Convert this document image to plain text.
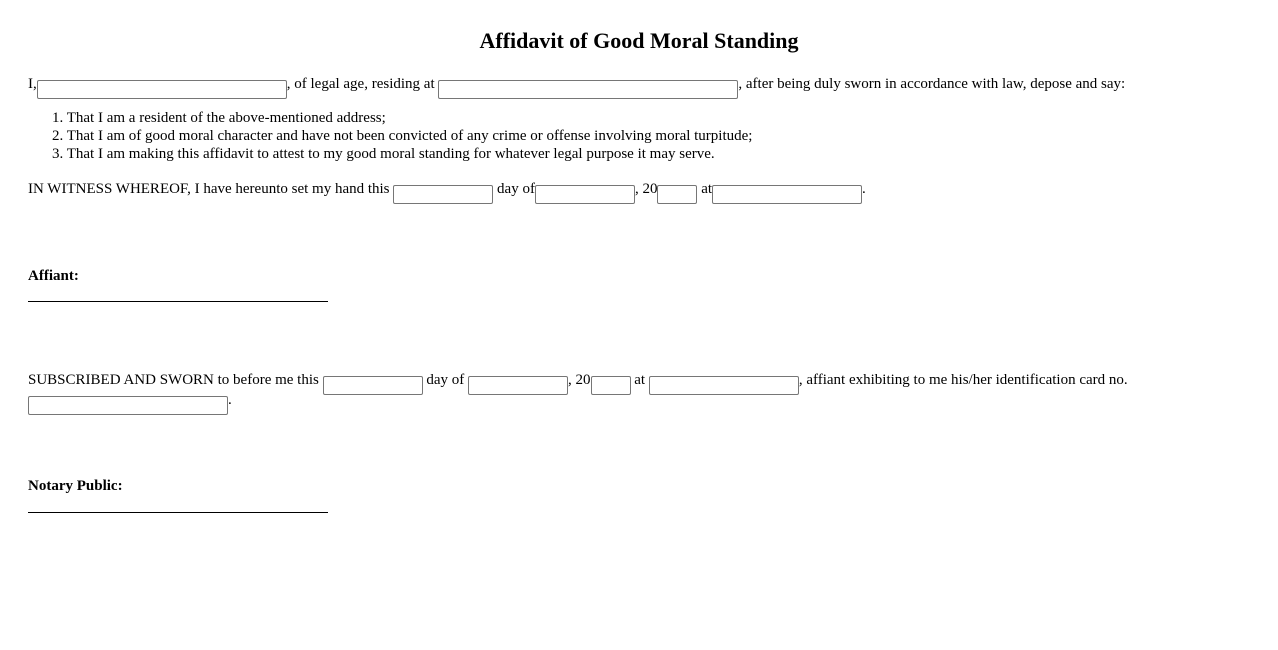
Affidavit of Good Moral Standing
I,	, of legal age, residing at	, after being duly sworn in accordance with law, depose and say:
1. That I am a resident of the above-mentioned address;
2. That I am of good moral character and have not been convicted of any crime or offense involving moral turpitude;
3. That I am making this affidavit to attest to my good moral standing for whatever legal purpose it may serve.
IN WITNESS WHEREOF, I have hereunto set my hand this	day of	, 20	at	.
Affiant:
SUBSCRIBED AND SWORN to before me this	day of	, 20	at	, affiant exhibiting to me his/her identification card no.
.
Notary Public:
